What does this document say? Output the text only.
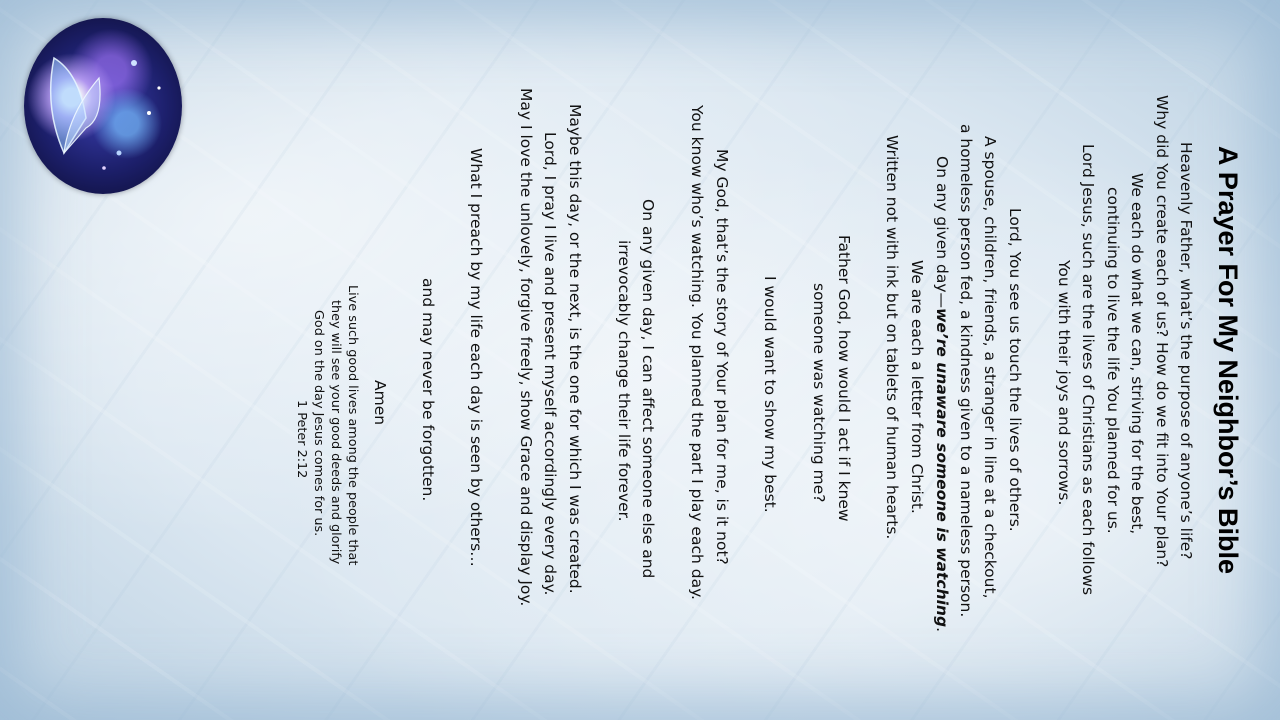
A Prayer For My Neighbor’s Bible
Heavenly Father, what’s the purpose of anyone’s life?
Why did You create each of us? How do we fit into Your plan?
We each do what we can, striving for the best,
continuing to live the life You planned for us.
Lord Jesus, such are the lives of Christians as each follows
You with their joys and sorrows.
Lord, You see us touch the lives of others.
A spouse, children, friends, a stranger in line at a checkout,
a homeless person fed, a kindness given to a nameless person.
On any given day—we’re unaware someone is watching.
We are each a letter from Christ.
Written not with ink but on tablets of human hearts.
Father God, how would I act if I knew
someone was watching me?
I would want to show my best.
My God, that’s the story of Your plan for me, is it not?
You know who’s watching. You planned the part I play each day.
On any given day, I can affect someone else and
irrevocably change their life forever.
Maybe this day, or the next, is the one for which I was created.
Lord, I pray I live and present myself accordingly every day.
May I love the unlovely, forgive freely, show Grace and display Joy.
What I preach by my life each day is seen by others…
and may never be forgotten.
Amen
Live such good lives among the people that
they will see your good deeds and glorify
God on the day Jesus comes for us.
1 Peter 2:12
